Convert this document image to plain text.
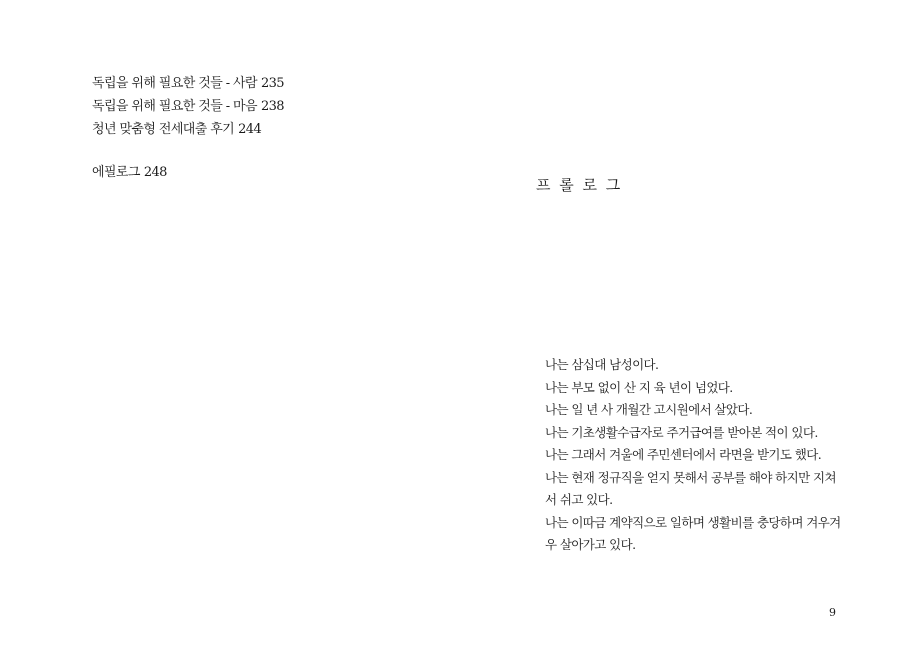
독립을 위해 필요한 것들 - 사람 235
독립을 위해 필요한 것들 - 마음 238
청년 맞춤형 전세대출 후기 244
에필로그 248
프 롤 로 그
나는 삼십대 남성이다.
나는 부모 없이 산 지 육 년이 넘었다.
나는 일 년 사 개월간 고시원에서 살았다.
나는 기초생활수급자로 주거급여를 받아본 적이 있다.
나는 그래서 겨울에 주민센터에서 라면을 받기도 했다.
나는 현재 정규직을 얻지 못해서 공부를 해야 하지만 지쳐
서 쉬고 있다.
나는 이따금 계약직으로 일하며 생활비를 충당하며 겨우겨
우 살아가고 있다.
9
